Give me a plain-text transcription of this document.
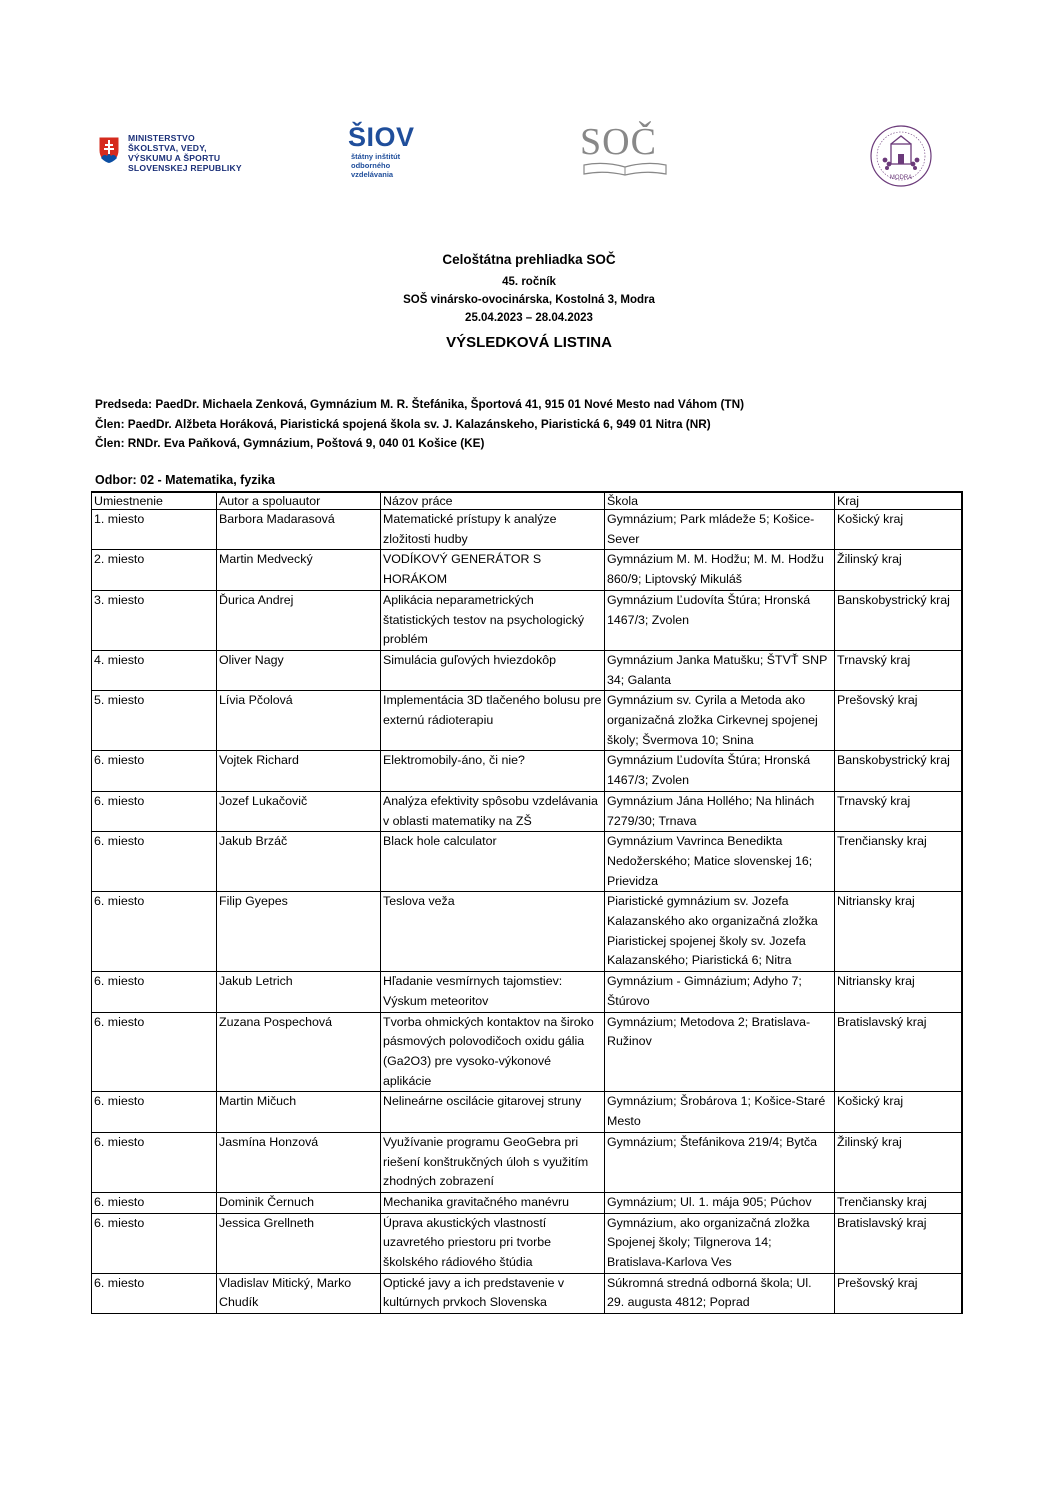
MINISTERSTVO
ŠKOLSTVA, VEDY,
VÝSKUMU A ŠPORTU
SLOVENSKEJ REPUBLIKY
ŠIOV
štátny inštitút
odborného
vzdelávania
SOČ
MODRA
Celoštátna prehliadka SOČ
45. ročník
SOŠ vinársko-ovocinárska, Kostolná 3, Modra
25.04.2023 – 28.04.2023
VÝSLEDKOVÁ LISTINA
Predseda: PaedDr. Michaela Zenková, Gymnázium M. R. Štefánika, Športová 41, 915 01 Nové Mesto nad Váhom (TN)
Člen: PaedDr. Alžbeta Horáková, Piaristická spojená škola sv. J. Kalazánskeho, Piaristická 6, 949 01 Nitra (NR)
Člen: RNDr. Eva Paňková, Gymnázium, Poštová 9, 040 01 Košice (KE)
Odbor: 02 - Matematika, fyzika
Umiestnenie	Autor a spoluautor	Názov práce	Škola	Kraj
1. miesto	Barbora Madarasová	Matematické prístupy k analýze zložitosti hudby	Gymnázium; Park mládeže 5; Košice-Sever	Košický kraj
2. miesto	Martin Medvecký	VODÍKOVÝ GENERÁTOR S HORÁKOM	Gymnázium M. M. Hodžu; M. M. Hodžu 860/9; Liptovský Mikuláš	Žilinský kraj
3. miesto	Ďurica Andrej	Aplikácia neparametrických štatistických testov na psychologický problém	Gymnázium Ľudovíta Štúra; Hronská 1467/3; Zvolen	Banskobystrický kraj
4. miesto	Oliver Nagy	Simulácia guľových hviezdokôp	Gymnázium Janka Matušku; ŠTVŤ SNP 34; Galanta	Trnavský kraj
5. miesto	Lívia Pčolová	Implementácia 3D tlačeného bolusu pre externú rádioterapiu	Gymnázium sv. Cyrila a Metoda ako organizačná zložka Cirkevnej spojenej školy; Švermova 10; Snina	Prešovský kraj
6. miesto	Vojtek Richard	Elektromobily-áno, či nie?	Gymnázium Ľudovíta Štúra; Hronská 1467/3; Zvolen	Banskobystrický kraj
6. miesto	Jozef Lukačovič	Analýza efektivity spôsobu vzdelávania v oblasti matematiky na ZŠ	Gymnázium Jána Hollého; Na hlinách 7279/30; Trnava	Trnavský kraj
6. miesto	Jakub Brzáč	Black hole calculator	Gymnázium Vavrinca Benedikta Nedožerského; Matice slovenskej 16; Prievidza	Trenčiansky kraj
6. miesto	Filip Gyepes	Teslova veža	Piaristické gymnázium sv. Jozefa Kalazanského ako organizačná zložka Piaristickej spojenej školy sv. Jozefa Kalazanského; Piaristická 6; Nitra	Nitriansky kraj
6. miesto	Jakub Letrich	Hľadanie vesmírnych tajomstiev: Výskum meteoritov	Gymnázium - Gimnázium; Adyho 7; Štúrovo	Nitriansky kraj
6. miesto	Zuzana Pospechová	Tvorba ohmických kontaktov na široko pásmových polovodičoch oxidu gália (Ga2O3) pre vysoko-výkonové aplikácie	Gymnázium; Metodova 2; Bratislava-Ružinov	Bratislavský kraj
6. miesto	Martin Mičuch	Nelineárne oscilácie gitarovej struny	Gymnázium; Šrobárova 1; Košice-Staré Mesto	Košický kraj
6. miesto	Jasmína Honzová	Využívanie programu GeoGebra pri riešení konštrukčných úloh s využitím zhodných zobrazení	Gymnázium; Štefánikova 219/4; Bytča	Žilinský kraj
6. miesto	Dominik Černuch	Mechanika gravitačného manévru	Gymnázium; Ul. 1. mája 905; Púchov	Trenčiansky kraj
6. miesto	Jessica Grellneth	Úprava akustických vlastností uzavretého priestoru pri tvorbe školského rádiového štúdia	Gymnázium, ako organizačná zložka Spojenej školy; Tilgnerova 14; Bratislava-Karlova Ves	Bratislavský kraj
6. miesto	Vladislav Mitický, Marko Chudík	Optické javy a ich predstavenie v kultúrnych prvkoch Slovenska	Súkromná stredná odborná škola; Ul. 29. augusta 4812; Poprad	Prešovský kraj
